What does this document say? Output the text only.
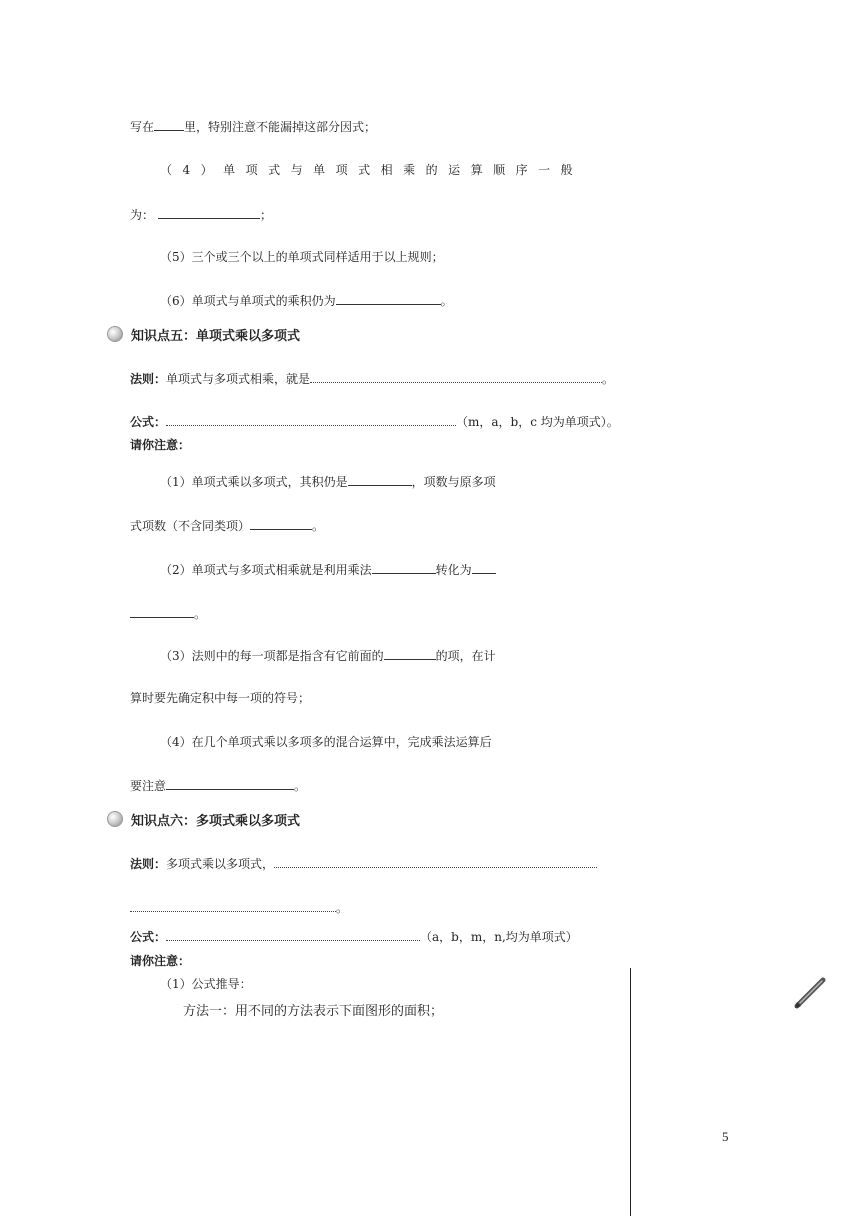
写在	里，特别注意不能漏掉这部分因式；
（4）单项式与单项式相乘的运算顺序一般
为：	；
（5）三个或三个以上的单项式同样适用于以上规则；
（6）单项式与单项式的乘积仍为	。
知识点五：单项式乘以多项式
法则：单项式与多项式相乘，就是	。
公式：	（m，a，b，c 均为单项式）。
请你注意：
（1）单项式乘以多项式，其积仍是	，项数与原多项
式项数（不含同类项）	。
（2）单项式与多项式相乘就是利用乘法	转化为
。
（3）法则中的每一项都是指含有它前面的	的项，在计
算时要先确定积中每一项的符号；
（4）在几个单项式乘以多项多的混合运算中，完成乘法运算后
要注意	。
知识点六：多项式乘以多项式
法则：多项式乘以多项式，
。
公式：	（a，b，m，n,均为单项式）
请你注意：
（1）公式推导：
方法一：用不同的方法表示下面图形的面积；
5
